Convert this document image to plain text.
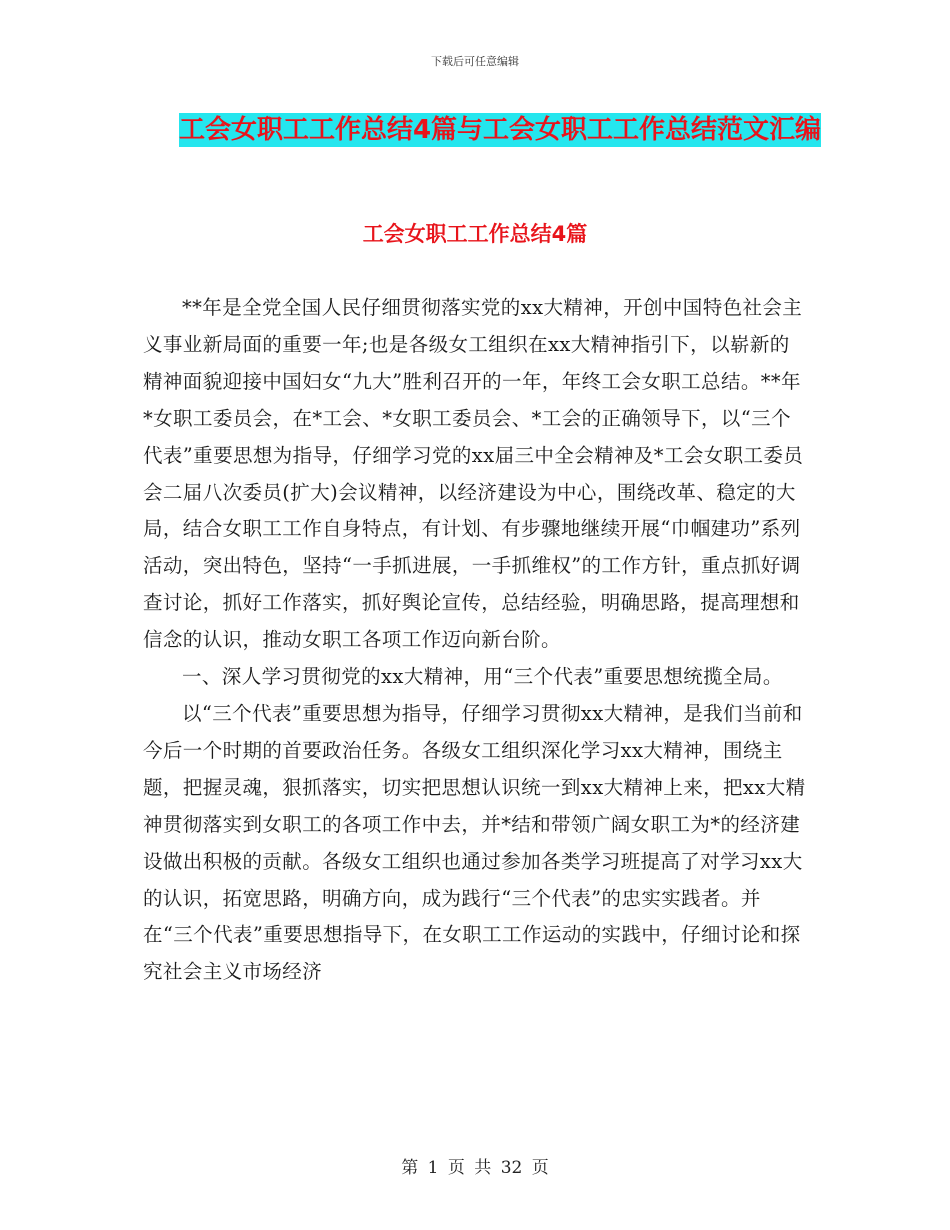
下载后可任意编辑
工会女职工工作总结4篇与工会女职工工作总结范文汇编
工会女职工工作总结4篇

**年是全党全国人民仔细贯彻落实党的xx大精神，开创中国特色社会主义事业新局面的重要一年;也是各级女工组织在xx大精神指引下，以崭新的精神面貌迎接中国妇女“九大”胜利召开的一年，年终工会女职工总结。**年*女职工委员会，在*工会、*女职工委员会、*工会的正确领导下，以“三个代表”重要思想为指导，仔细学习党的xx届三中全会精神及*工会女职工委员会二届八次委员(扩大)会议精神，以经济建设为中心，围绕改革、稳定的大局，结合女职工工作自身特点，有计划、有步骤地继续开展“巾帼建功”系列活动，突出特色，坚持“一手抓进展，一手抓维权”的工作方针，重点抓好调查讨论，抓好工作落实，抓好舆论宣传，总结经验，明确思路，提高理想和信念的认识，推动女职工各项工作迈向新台阶。

一、深人学习贯彻党的xx大精神，用“三个代表”重要思想统揽全局。

以“三个代表”重要思想为指导，仔细学习贯彻xx大精神，是我们当前和今后一个时期的首要政治任务。各级女工组织深化学习xx大精神，围绕主题，把握灵魂，狠抓落实，切实把思想认识统一到xx大精神上来，把xx大精神贯彻落实到女职工的各项工作中去，并*结和带领广阔女职工为*的经济建设做出积极的贡献。各级女工组织也通过参加各类学习班提高了对学习xx大的认识，拓宽思路，明确方向，成为践行“三个代表”的忠实实践者。并在“三个代表”重要思想指导下，在女职工工作运动的实践中，仔细讨论和探究社会主义市场经济

第 1 页 共 32 页
